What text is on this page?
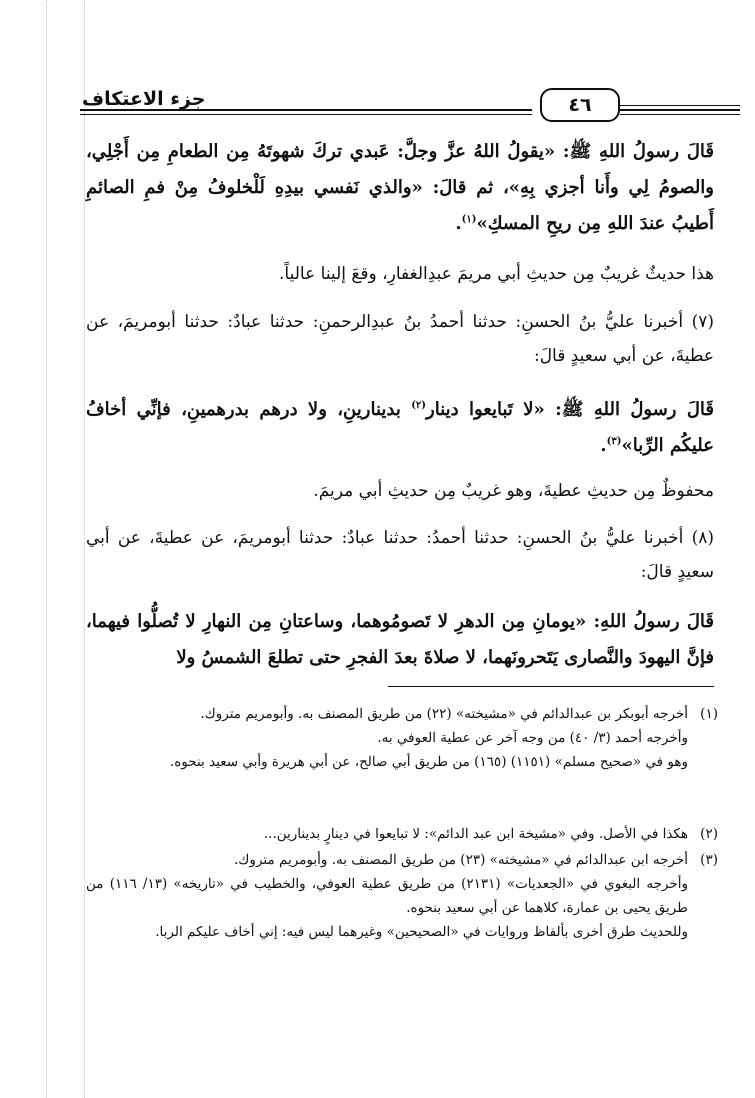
جزء الاعتكاف	٤٦

قَالَ رسولُ اللهِ ﷺ: «يقولُ اللهُ عزَّ وجلَّ: عَبدي تركَ شهوتَهُ مِن الطعامِ مِن أَجْلِي، والصومُ لِي وأَنا أجزي بِهِ»، ثم قالَ: «والذي نَفسي بيدِهِ لَلْخلوفُ مِنْ فمِ الصائمِ أَطيبُ عندَ اللهِ مِن ريحِ المسكِ»$^{(١)}$.

هذا حديثٌ غريبٌ مِن حديثِ أبي مريمَ عبدِالغفارِ، وقعَ إلينا عالياً.

(٧) أخبرنا عليُّ بنُ الحسنِ: حدثنا أحمدُ بنُ عبدِالرحمنِ: حدثنا عبادٌ: حدثنا أبومريمَ، عن عطيةَ، عن أبي سعيدٍ قالَ:

قَالَ رسولُ اللهِ ﷺ: «لا تَبايعوا دينار$^{(٢)}$ بدينارينِ، ولا درهم بدرهمينِ، فإنِّي أخافُ عليكُم الرِّبا»$^{(٣)}$.

محفوظٌ مِن حديثِ عطيةَ، وهو غريبٌ مِن حديثِ أبي مريمَ.

(٨) أخبرنا عليُّ بنُ الحسنِ: حدثنا أحمدُ: حدثنا عبادٌ: حدثنا أبومريمَ، عن عطيةَ، عن أبي سعيدٍ قالَ:

قَالَ رسولُ اللهِ: «يومانِ مِن الدهرِ لا تَصومُوهما، وساعتانِ مِن النهارِ لا تُصلُّوا فيهما، فإنَّ اليهودَ والنَّصارى يَتَحرونَهما، لا صلاةَ بعدَ الفجرِ حتى تطلعَ الشمسُ ولا

(١)
أخرجه أبوبكر بن عبدالدائم في «مشيخته» (٢٢) من طريق المصنف به. وأبومريم متروك.
وأخرجه أحمد (٣/ ٤٠) من وجه آخر عن عطية العوفي به.
وهو في «صحيح مسلم» (١١٥١) (١٦٥) من طريق أبي صالح، عن أبي هريرة وأبي سعيد بنحوه.
(٢)
هكذا في الأصل. وفي «مشيخة ابن عبد الدائم»: لا تبايعوا في دينارٍ بدينارين...
(٣)
أخرجه ابن عبدالدائم في «مشيخته» (٢٣) من طريق المصنف به. وأبومريم متروك.
وأخرجه البغوي في «الجعديات» (٢١٣١) من طريق عطية العوفي، والخطيب في «تاريخه» (١٣/ ١١٦) من طريق يحيى بن عمارة، كلاهما عن أبي سعيد بنحوه.
وللحديث طرق أخرى بألفاظ وروايات في «الصحيحين» وغيرهما ليس فيه: إني أخاف عليكم الربا.
